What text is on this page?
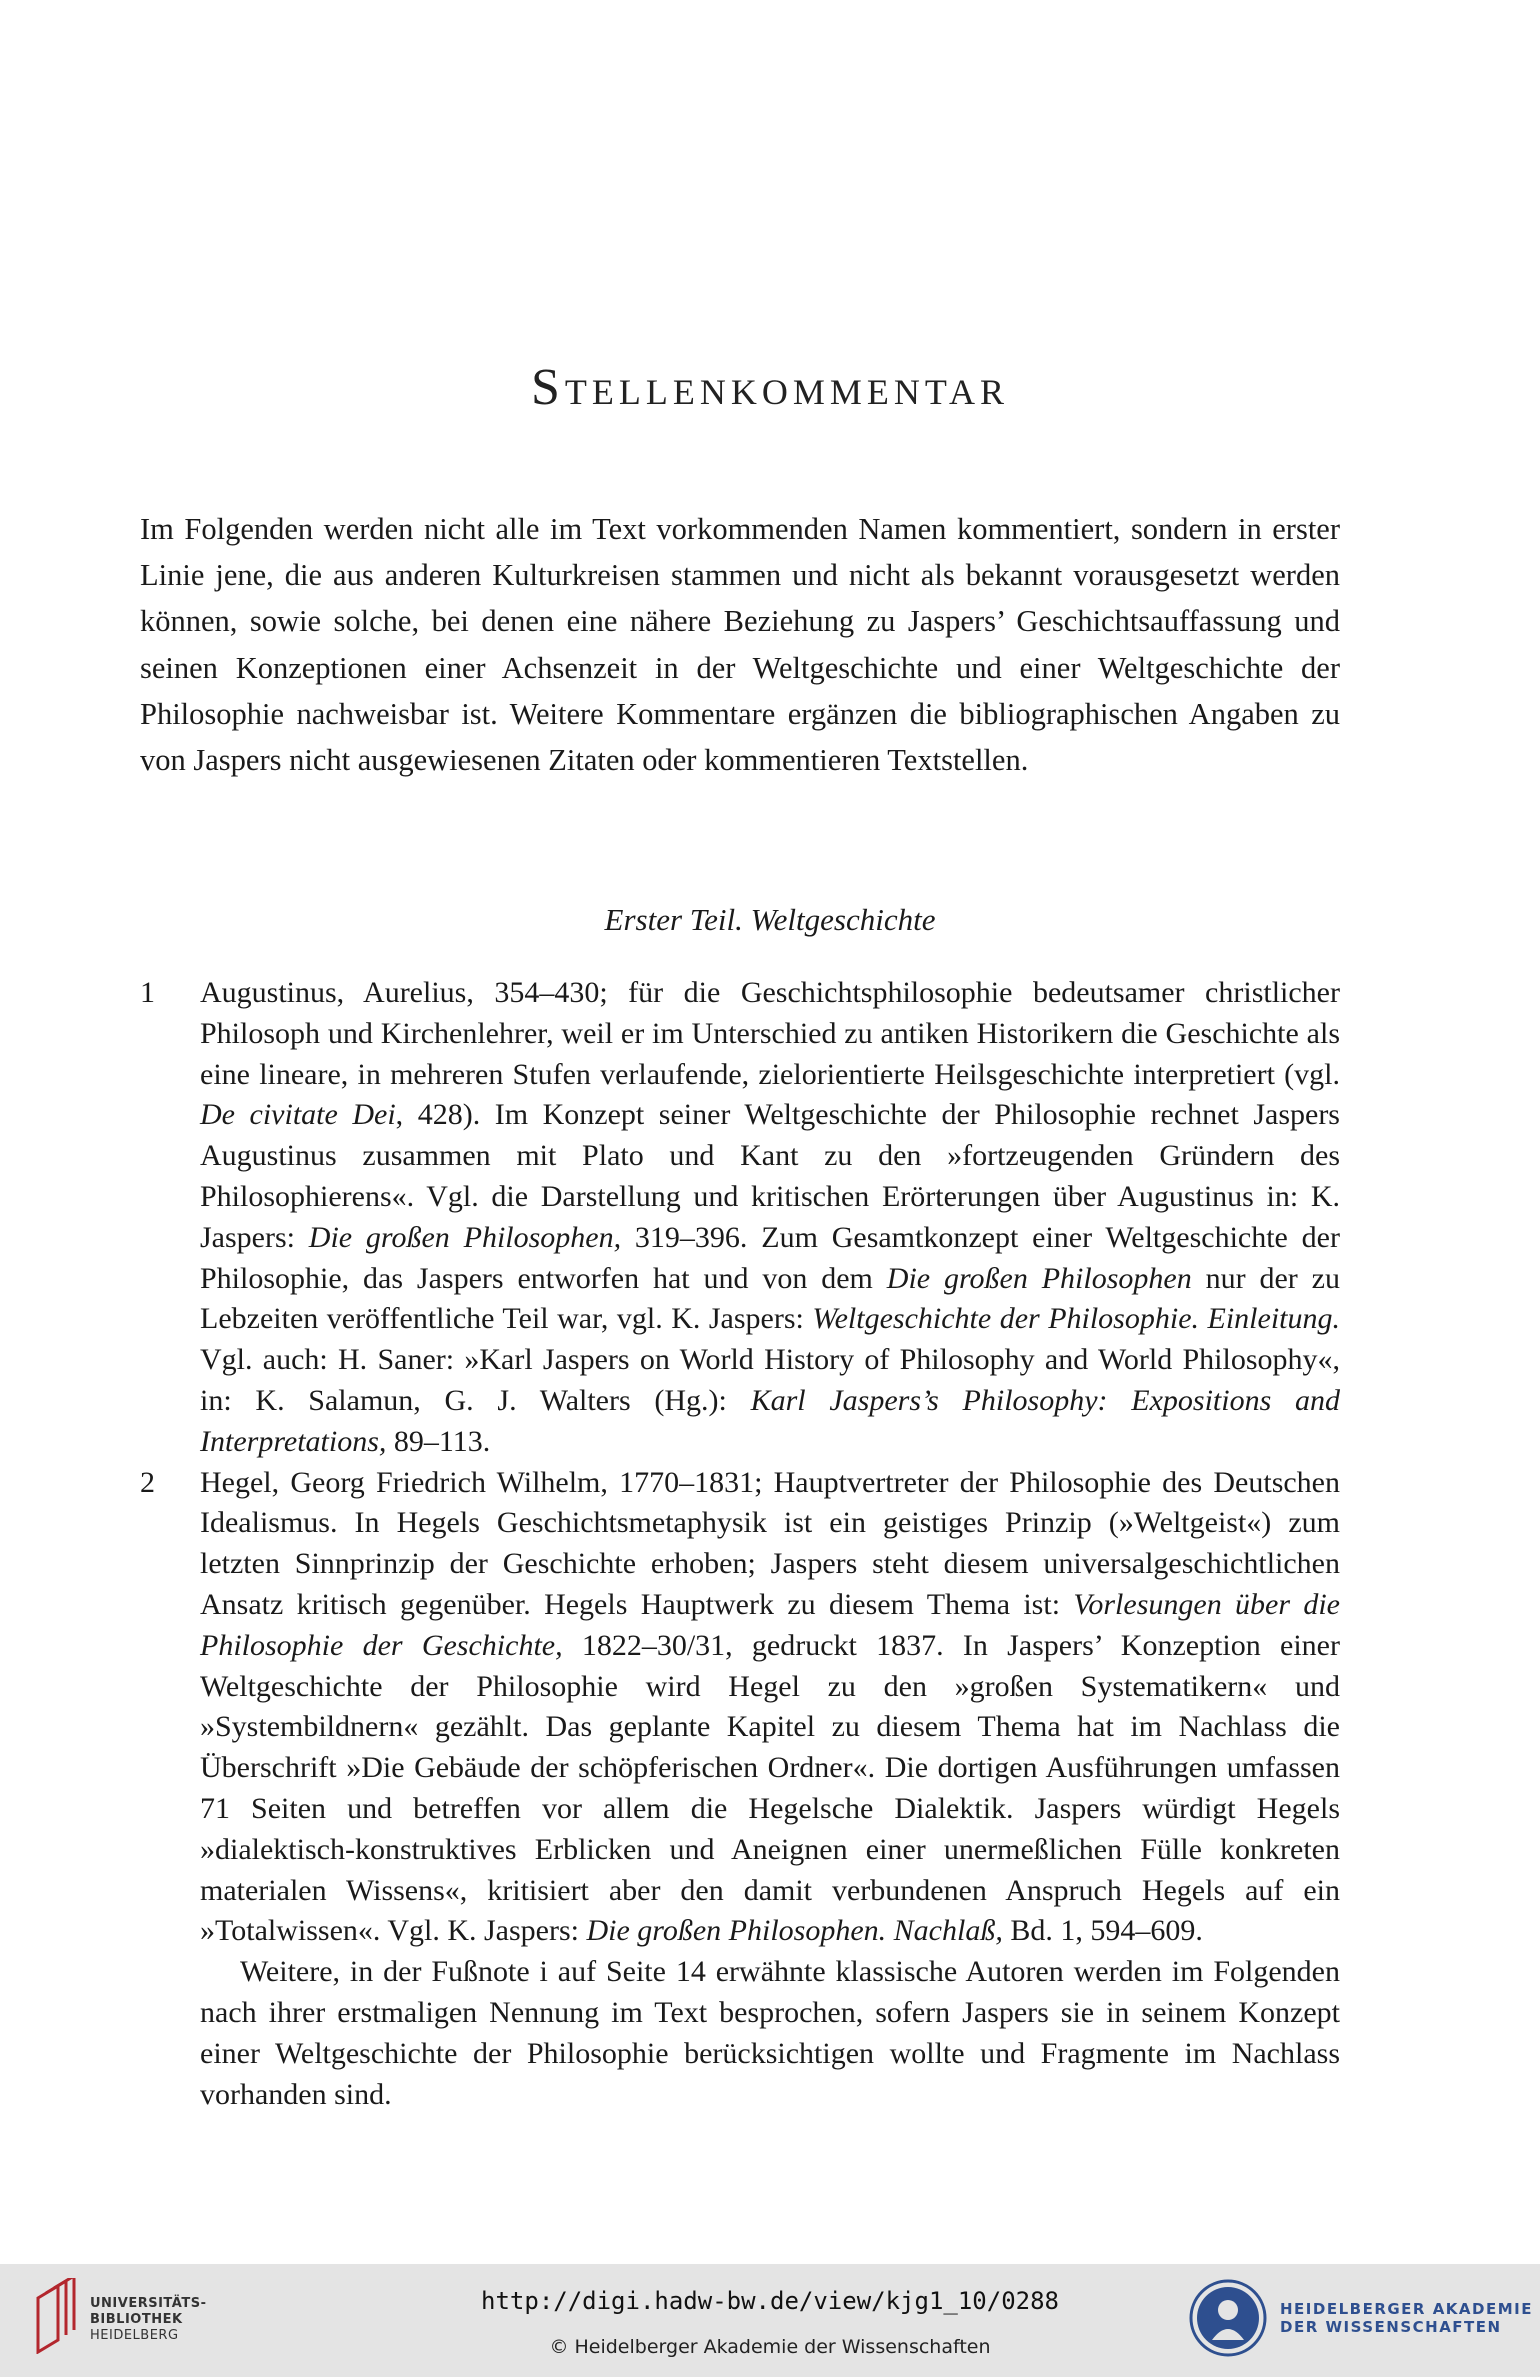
Stellenkommentar

Im Folgenden werden nicht alle im Text vorkommenden Namen kommentiert, sondern in erster Linie jene, die aus anderen Kulturkreisen stammen und nicht als bekannt vorausgesetzt werden können, sowie solche, bei denen eine nähere Beziehung zu Jaspers’ Geschichtsauffassung und seinen Konzeptionen einer Achsenzeit in der Weltgeschichte und einer Weltgeschichte der Philosophie nachweisbar ist. Weitere Kommentare ergänzen die bibliographischen Angaben zu von Jaspers nicht ausgewiesenen Zitaten oder kommentieren Textstellen.

Erster Teil. Weltgeschichte
1 Augustinus, Aurelius, 354–430; für die Geschichtsphilosophie bedeutsamer christlicher Philosoph und Kirchenlehrer, weil er im Unterschied zu antiken Historikern die Geschichte als eine lineare, in mehreren Stufen verlaufende, zielorientierte Heilsgeschichte interpretiert (vgl. De civitate Dei, 428). Im Konzept seiner Weltgeschichte der Philosophie rechnet Jaspers Augustinus zusammen mit Plato und Kant zu den »fortzeugenden Gründern des Philosophierens«. Vgl. die Darstellung und kritischen Erörterungen über Augustinus in: K. Jaspers: Die großen Philosophen, 319–396. Zum Gesamtkonzept einer Weltgeschichte der Philosophie, das Jaspers entworfen hat und von dem Die großen Philosophen nur der zu Lebzeiten veröffentliche Teil war, vgl. K. Jaspers: Weltgeschichte der Philosophie. Einleitung. Vgl. auch: H. Saner: »Karl Jaspers on World History of Philosophy and World Philosophy«, in: K. Salamun, G. J. Walters (Hg.): Karl Jaspers’s Philosophy: Expositions and Interpretations, 89–113.
2 Hegel, Georg Friedrich Wilhelm, 1770–1831; Hauptvertreter der Philosophie des Deutschen Idealismus. In Hegels Geschichtsmetaphysik ist ein geistiges Prinzip (»Weltgeist«) zum letzten Sinnprinzip der Geschichte erhoben; Jaspers steht diesem universalgeschichtlichen Ansatz kritisch gegenüber. Hegels Hauptwerk zu diesem Thema ist: Vorlesungen über die Philosophie der Geschichte, 1822–30/31, gedruckt 1837. In Jaspers’ Konzeption einer Weltgeschichte der Philosophie wird Hegel zu den »großen Systematikern« und »Systembildnern« gezählt. Das geplante Kapitel zu diesem Thema hat im Nachlass die Überschrift »Die Gebäude der schöpferischen Ordner«. Die dortigen Ausführungen umfassen 71 Seiten und betreffen vor allem die Hegelsche Dialektik. Jaspers würdigt Hegels »dialektisch-konstruktives Erblicken und Aneignen einer unermeßlichen Fülle konkreten materialen Wissens«, kritisiert aber den damit verbundenen Anspruch Hegels auf ein »Totalwissen«. Vgl. K. Jaspers: Die großen Philosophen. Nachlaß, Bd. 1, 594–609.
Weitere, in der Fußnote i auf Seite 14 erwähnte klassische Autoren werden im Folgenden nach ihrer erstmaligen Nennung im Text besprochen, sofern Jaspers sie in seinem Konzept einer Weltgeschichte der Philosophie berücksichtigen wollte und Fragmente im Nachlass vorhanden sind.
UNIVERSITÄTS-
BIBLIOTHEK
HEIDELBERG
http://digi.hadw-bw.de/view/kjg1_10/0288
© Heidelberger Akademie der Wissenschaften
HEIDELBERGER AKADEMIE
DER WISSENSCHAFTEN
